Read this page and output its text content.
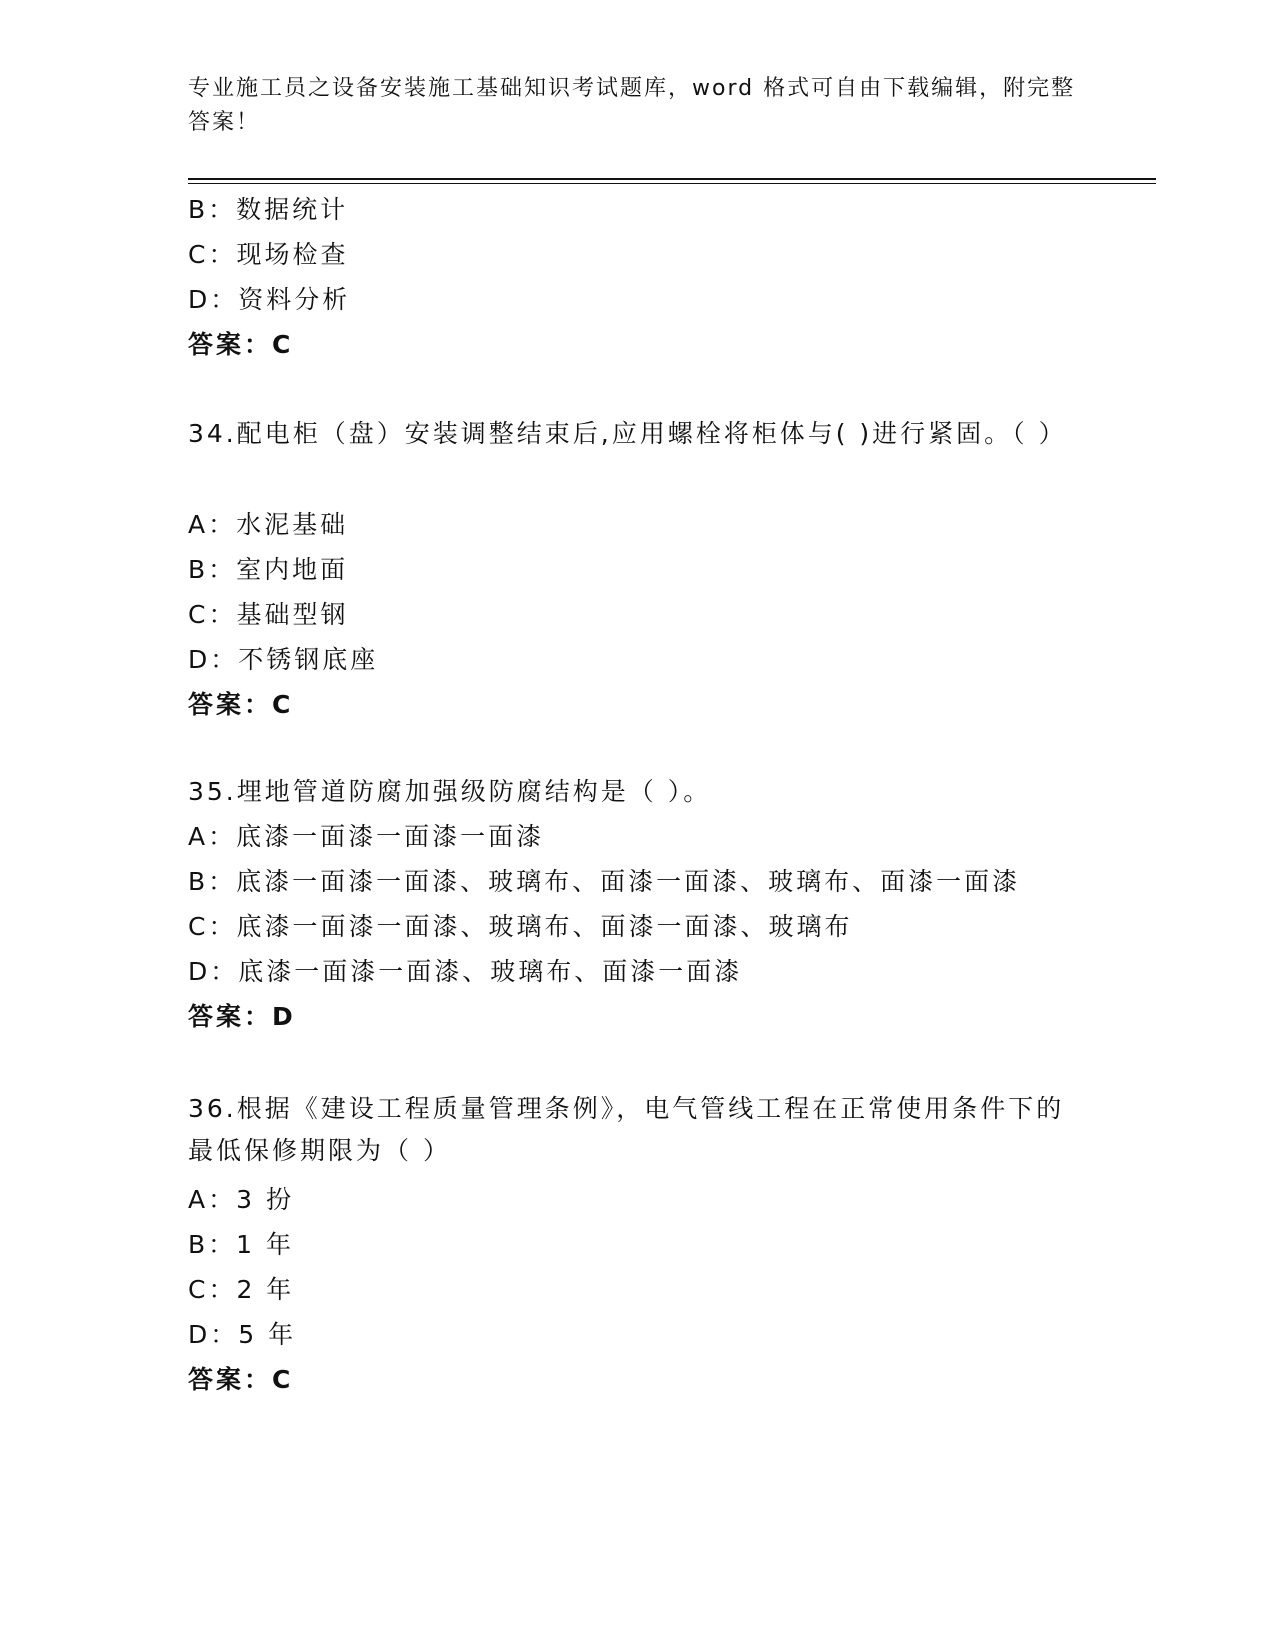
专业施工员之设备安装施工基础知识考试题库，word 格式可自由下载编辑，附完整答案！
B：数据统计
C：现场检查
D：资料分析
答案：C
34.配电柜（盘）安装调整结束后,应用螺栓将柜体与( )进行紧固。（ ）
A：水泥基础
B：室内地面
C：基础型钢
D：不锈钢底座
答案：C
35.埋地管道防腐加强级防腐结构是（ ）。
A：底漆一面漆一面漆一面漆
B：底漆一面漆一面漆、玻璃布、面漆一面漆、玻璃布、面漆一面漆
C：底漆一面漆一面漆、玻璃布、面漆一面漆、玻璃布
D：底漆一面漆一面漆、玻璃布、面漆一面漆
答案：D
36.根据《建设工程质量管理条例》，电气管线工程在正常使用条件下的最低保修期限为（ ）
A：3 扮
B：1 年
C：2 年
D：5 年
答案：C
